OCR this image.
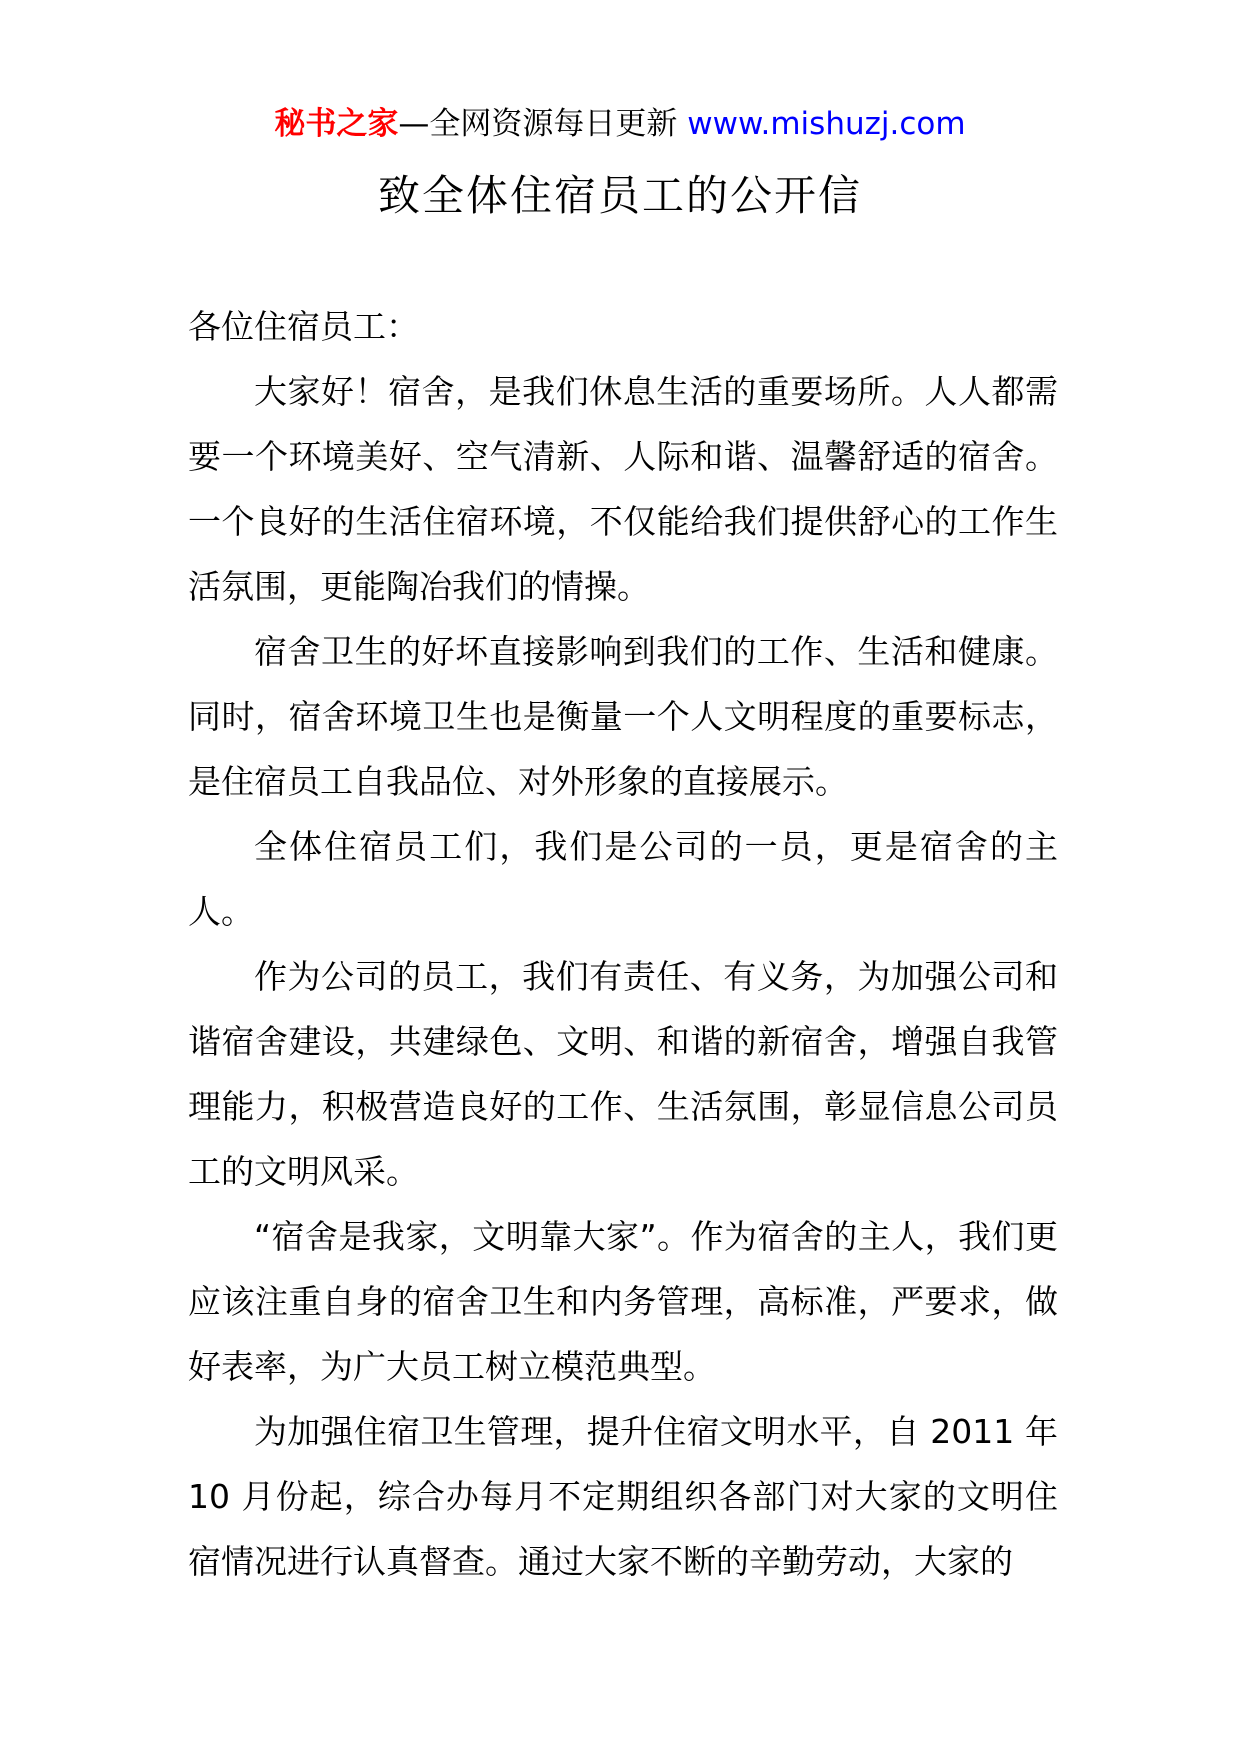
秘书之家—全网资源每日更新 www.mishuzj.com
致全体住宿员工的公开信

各位住宿员工：

大家好！宿舍，是我们休息生活的重要场所。人人都需要一个环境美好、空气清新、人际和谐、温馨舒适的宿舍。一个良好的生活住宿环境，不仅能给我们提供舒心的工作生活氛围，更能陶冶我们的情操。

宿舍卫生的好坏直接影响到我们的工作、生活和健康。同时，宿舍环境卫生也是衡量一个人文明程度的重要标志，是住宿员工自我品位、对外形象的直接展示。

全体住宿员工们，我们是公司的一员，更是宿舍的主人。

作为公司的员工，我们有责任、有义务，为加强公司和谐宿舍建设，共建绿色、文明、和谐的新宿舍，增强自我管理能力，积极营造良好的工作、生活氛围，彰显信息公司员工的文明风采。

“宿舍是我家，文明靠大家”。作为宿舍的主人，我们更应该注重自身的宿舍卫生和内务管理，高标准，严要求，做好表率，为广大员工树立模范典型。

为加强住宿卫生管理，提升住宿文明水平，自 2011 年 10 月份起，综合办每月不定期组织各部门对大家的文明住宿情况进行认真督查。通过大家不断的辛勤劳动，大家的
